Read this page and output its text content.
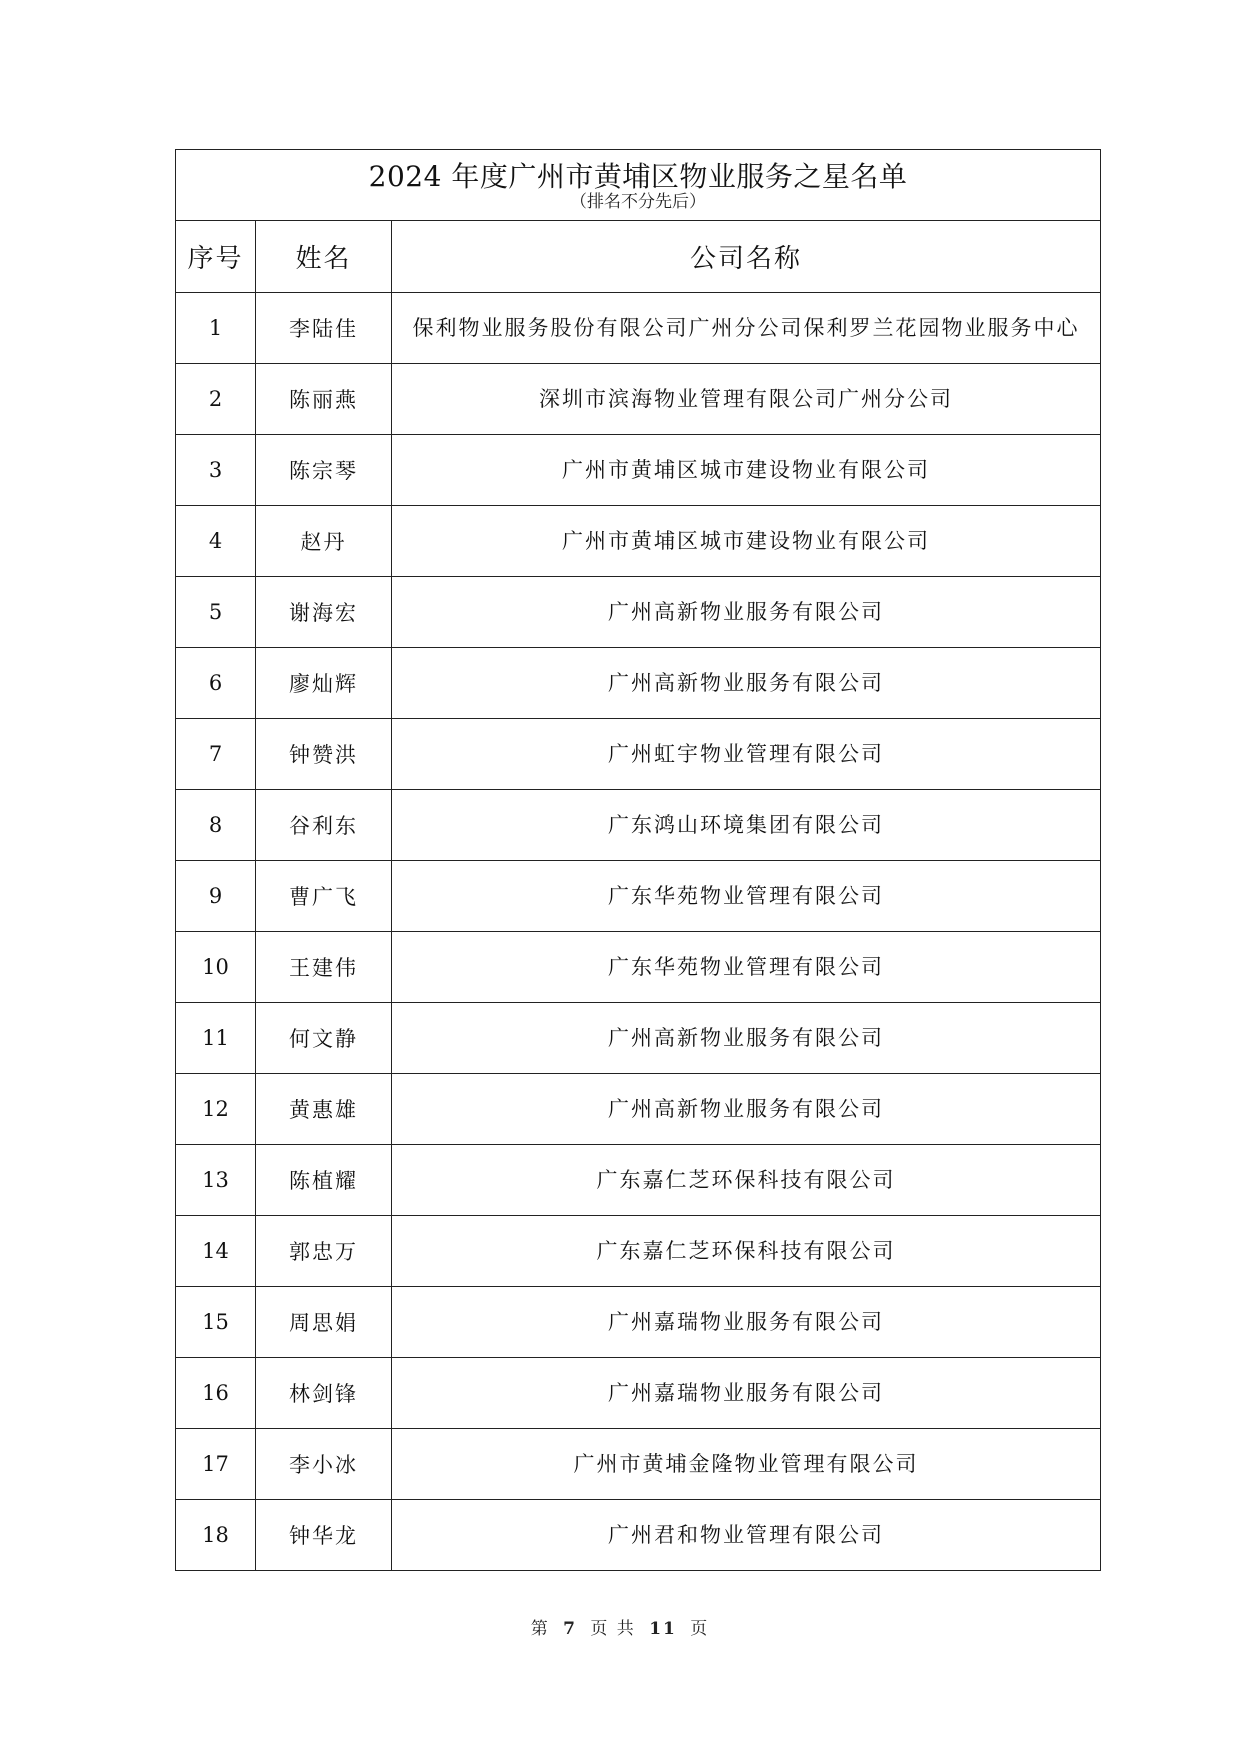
2024 年度广州市黄埔区物业服务之星名单
（排名不分先后）		

序号	姓名	公司名称
1	李陆佳	保利物业服务股份有限公司广州分公司保利罗兰花园物业服务中心
2	陈丽燕	深圳市滨海物业管理有限公司广州分公司
3	陈宗琴	广州市黄埔区城市建设物业有限公司
4	赵丹	广州市黄埔区城市建设物业有限公司
5	谢海宏	广州高新物业服务有限公司
6	廖灿辉	广州高新物业服务有限公司
7	钟赞洪	广州虹宇物业管理有限公司
8	谷利东	广东鸿山环境集团有限公司
9	曹广飞	广东华苑物业管理有限公司
10	王建伟	广东华苑物业管理有限公司
11	何文静	广州高新物业服务有限公司
12	黄惠雄	广州高新物业服务有限公司
13	陈植耀	广东嘉仁芝环保科技有限公司
14	郭忠万	广东嘉仁芝环保科技有限公司
15	周思娟	广州嘉瑞物业服务有限公司
16	林剑锋	广州嘉瑞物业服务有限公司
17	李小冰	广州市黄埔金隆物业管理有限公司
18	钟华龙	广州君和物业管理有限公司
第 7 页 共 11 页
